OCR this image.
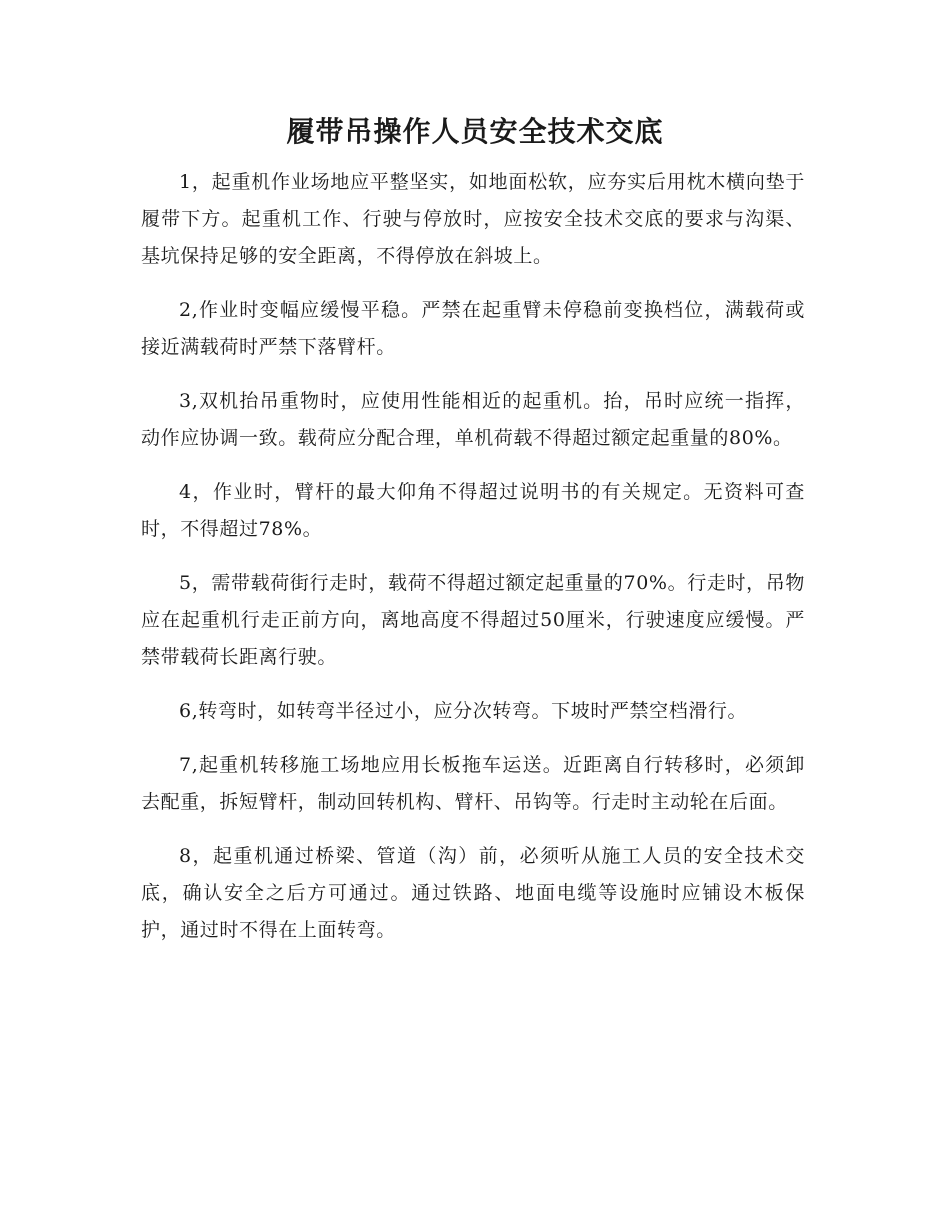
履带吊操作人员安全技术交底

1，起重机作业场地应平整坚实，如地面松软，应夯实后用枕木横向垫于履带下方。起重机工作、行驶与停放时，应按安全技术交底的要求与沟渠、基坑保持足够的安全距离，不得停放在斜坡上。

2,作业时变幅应缓慢平稳。严禁在起重臂未停稳前变换档位，满载荷或接近满载荷时严禁下落臂杆。

3,双机抬吊重物时，应使用性能相近的起重机。抬，吊时应统一指挥，动作应协调一致。载荷应分配合理，单机荷载不得超过额定起重量的80%。

4，作业时，臂杆的最大仰角不得超过说明书的有关规定。无资料可查时，不得超过78%。

5，需带载荷街行走时，载荷不得超过额定起重量的70%。行走时，吊物应在起重机行走正前方向，离地高度不得超过50厘米，行驶速度应缓慢。严禁带载荷长距离行驶。

6,转弯时，如转弯半径过小，应分次转弯。下坡时严禁空档滑行。

7,起重机转移施工场地应用长板拖车运送。近距离自行转移时，必须卸去配重，拆短臂杆，制动回转机构、臂杆、吊钩等。行走时主动轮在后面。

8，起重机通过桥梁、管道（沟）前，必须听从施工人员的安全技术交底，确认安全之后方可通过。通过铁路、地面电缆等设施时应铺设木板保护，通过时不得在上面转弯。
